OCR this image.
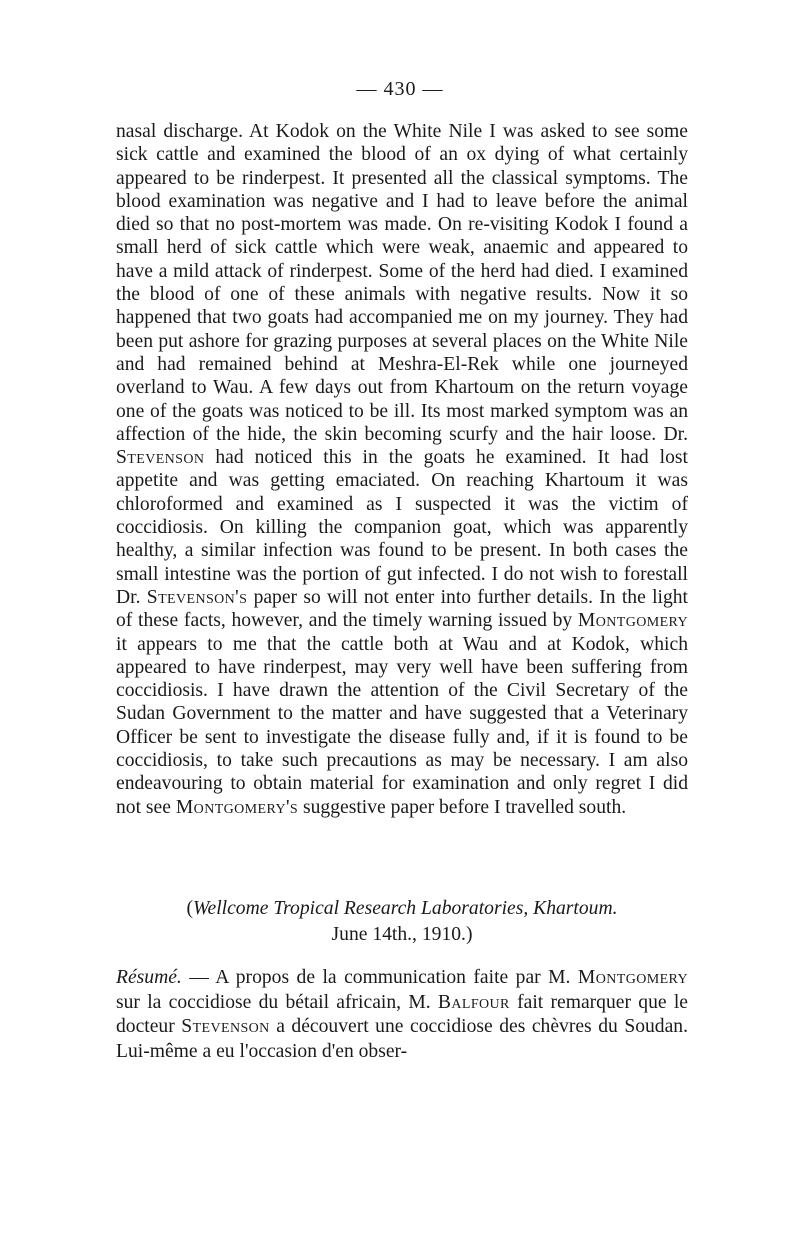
— 430 —

nasal discharge. At Kodok on the White Nile I was asked to see some sick cattle and examined the blood of an ox dying of what certainly appeared to be rinderpest. It presented all the classical symptoms. The blood examination was negative and I had to leave before the animal died so that no post-mortem was made. On re-visiting Kodok I found a small herd of sick cattle which were weak, anaemic and appeared to have a mild attack of rinderpest. Some of the herd had died. I examined the blood of one of these animals with negative results. Now it so happened that two goats had accompanied me on my journey. They had been put ashore for grazing purposes at several places on the White Nile and had remained behind at Meshra-El-Rek while one journeyed overland to Wau. A few days out from Khartoum on the return voyage one of the goats was noticed to be ill. Its most marked symptom was an affection of the hide, the skin becoming scurfy and the hair loose. Dr. Stevenson had noticed this in the goats he examined. It had lost appetite and was getting emaciated. On reaching Khartoum it was chloroformed and examined as I suspected it was the victim of coccidiosis. On killing the companion goat, which was apparently healthy, a similar infection was found to be present. In both cases the small intestine was the portion of gut infected. I do not wish to forestall Dr. Stevenson's paper so will not enter into further details. In the light of these facts, however, and the timely warning issued by Montgomery it appears to me that the cattle both at Wau and at Kodok, which appeared to have rinderpest, may very well have been suffering from coccidiosis. I have drawn the attention of the Civil Secretary of the Sudan Government to the matter and have suggested that a Veterinary Officer be sent to investigate the disease fully and, if it is found to be coccidiosis, to take such precautions as may be necessary. I am also endeavouring to obtain material for examination and only regret I did not see Montgomery's suggestive paper before I travelled south.

(Wellcome Tropical Research Laboratories, Khartoum.
June 14th., 1910.)

Résumé. — A propos de la communication faite par M. Montgomery sur la coccidiose du bétail africain, M. Balfour fait remarquer que le docteur Stevenson a découvert une coccidiose des chèvres du Soudan. Lui-même a eu l'occasion d'en obser-
